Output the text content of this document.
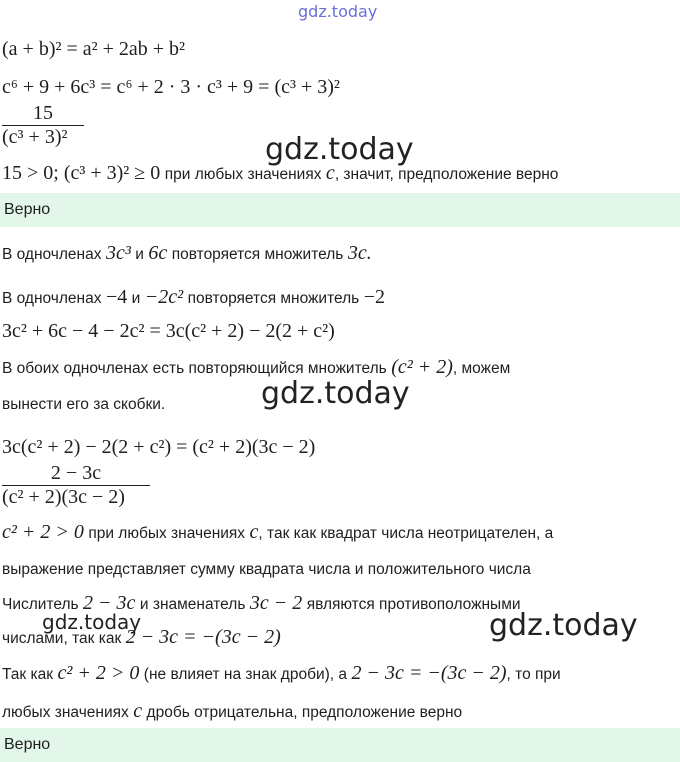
gdz.today
(a + b)² = a² + 2ab + b²
c⁶ + 9 + 6c³ = c⁶ + 2 · 3 · c³ + 9 = (c³ + 3)²
$\frac{15}{\text{(c³ + 3)²}}$
gdz.today
15 > 0; (c³ + 3)² ≥ 0 при любых значениях c, значит, предположение верно
Верно
В одночленах 3c³ и 6c повторяется множитель 3c.
В одночленах −4 и −2c² повторяется множитель −2
3c² + 6c − 4 − 2c² = 3c(c² + 2) − 2(2 + c²)
В обоих одночленах есть повторяющийся множитель (c² + 2), можем
вынести его за скобки.	gdz.today
3c(c² + 2) − 2(2 + c²) = (c² + 2)(3c − 2)
$\frac{2 - 3c}{\text{(c² + 2)(3c − 2)}}$
c² + 2 > 0 при любых значениях c, так как квадрат числа неотрицателен, а
выражение представляет сумму квадрата числа и положительного числа
Числитель 2 − 3c и знаменатель 3c − 2 являются противоположными
gdz.today
числами, так как 2 − 3c = −(3c − 2)	gdz.today
Так как c² + 2 > 0 (не влияет на знак дроби), а 2 − 3c = −(3c − 2), то при
любых значениях c дробь отрицательна, предположение верно
Верно
